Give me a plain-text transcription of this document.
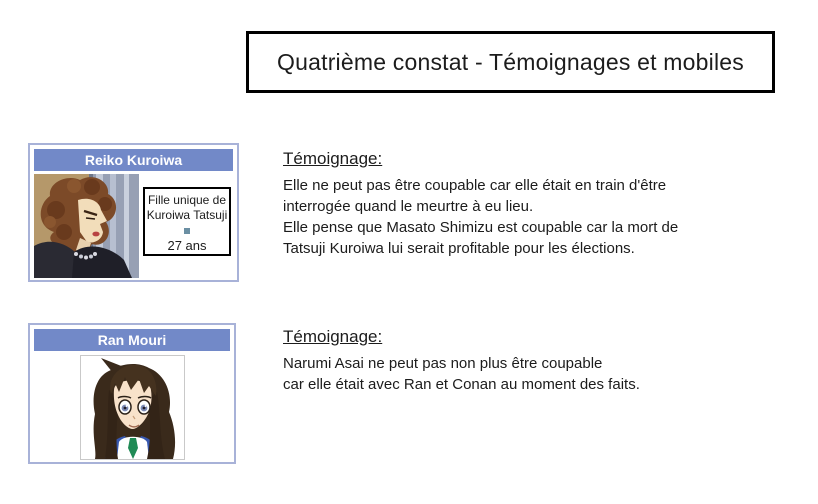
Quatrième constat - Témoignages et mobiles
Reiko Kuroiwa
Fille unique de
Kuroiwa Tatsuji
27 ans
Ran Mouri
Témoignage:
Elle ne peut pas être coupable car elle était en train d'être
interrogée quand le meurtre à eu lieu.
Elle pense que Masato Shimizu est coupable car la mort de
Tatsuji Kuroiwa lui serait profitable pour les élections.
Témoignage:
Narumi Asai ne peut pas non plus être coupable
car elle était avec Ran et Conan au moment des faits.
